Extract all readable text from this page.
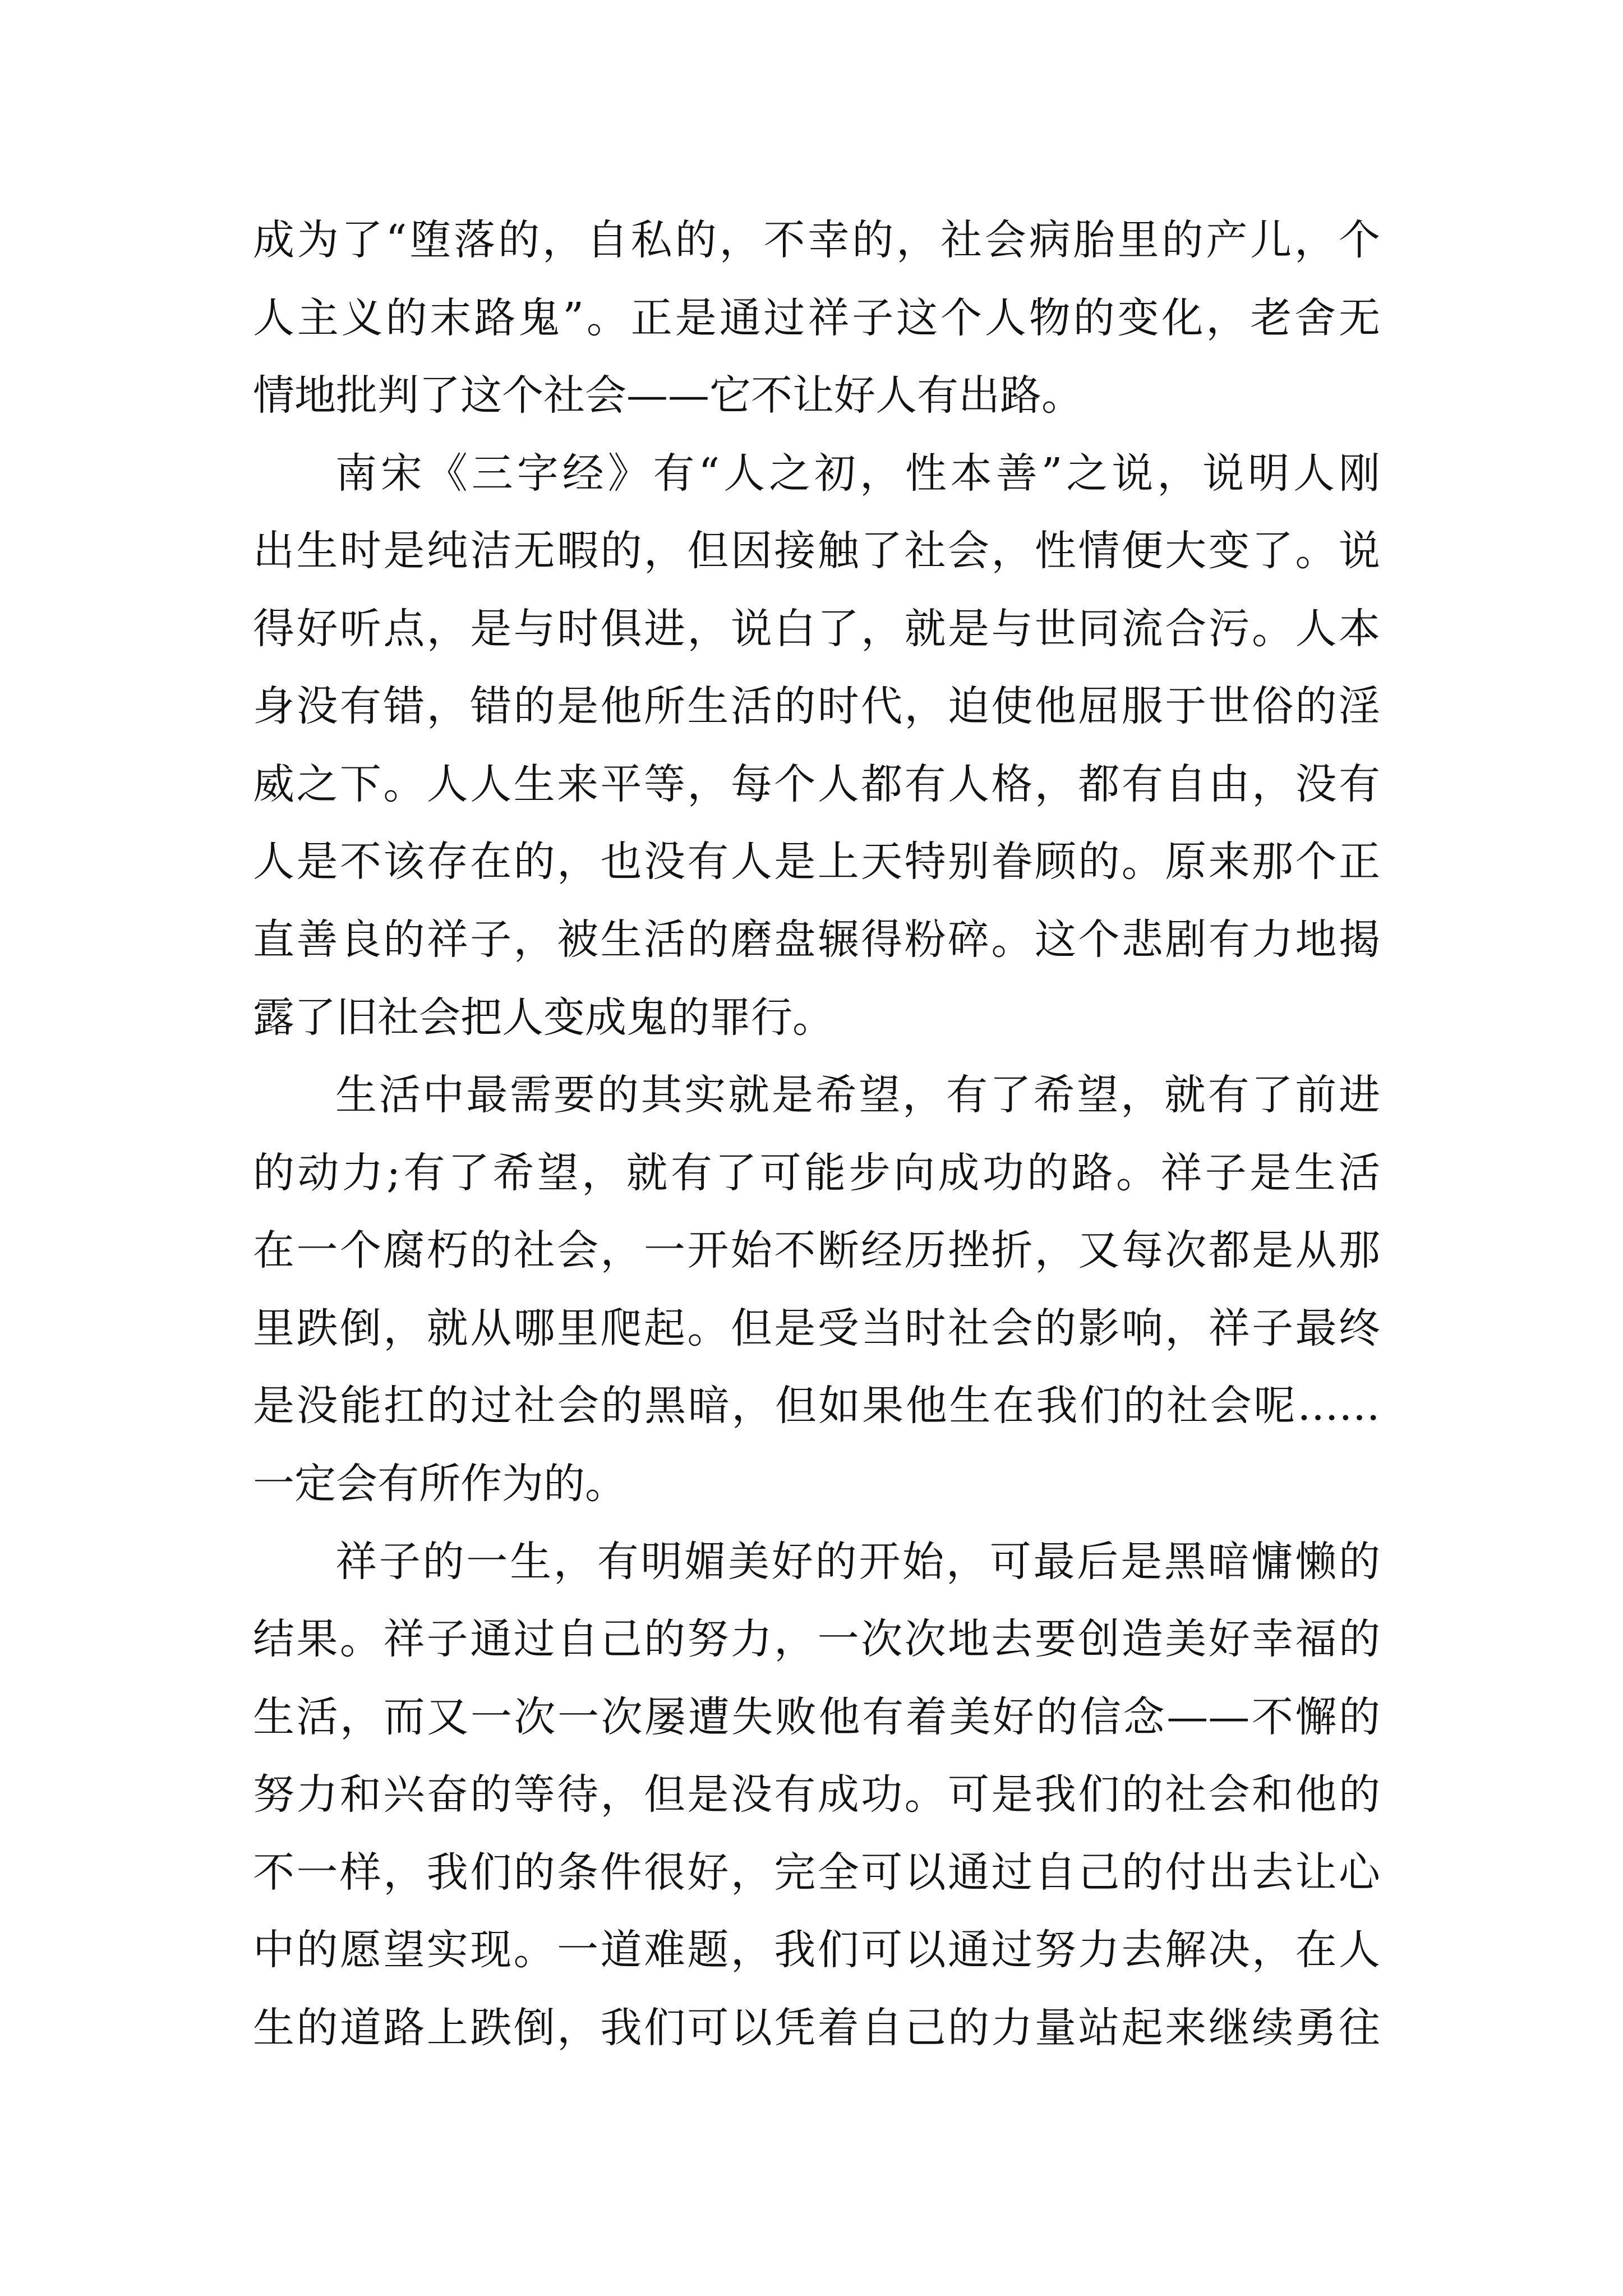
成为了“堕落的，自私的，不幸的，社会病胎里的产儿，个
人主义的末路鬼”。正是通过祥子这个人物的变化，老舍无
情地批判了这个社会——它不让好人有出路。
南宋《三字经》有“人之初，性本善”之说，说明人刚
出生时是纯洁无暇的，但因接触了社会，性情便大变了。说
得好听点，是与时俱进，说白了，就是与世同流合污。人本
身没有错，错的是他所生活的时代，迫使他屈服于世俗的淫
威之下。人人生来平等，每个人都有人格，都有自由，没有
人是不该存在的，也没有人是上天特别眷顾的。原来那个正
直善良的祥子，被生活的磨盘辗得粉碎。这个悲剧有力地揭
露了旧社会把人变成鬼的罪行。
生活中最需要的其实就是希望，有了希望，就有了前进
的动力;有了希望，就有了可能步向成功的路。祥子是生活
在一个腐朽的社会，一开始不断经历挫折，又每次都是从那
里跌倒，就从哪里爬起。但是受当时社会的影响，祥子最终
是没能扛的过社会的黑暗，但如果他生在我们的社会呢……
一定会有所作为的。
祥子的一生，有明媚美好的开始，可最后是黑暗慵懒的
结果。祥子通过自己的努力，一次次地去要创造美好幸福的
生活，而又一次一次屡遭失败他有着美好的信念——不懈的
努力和兴奋的等待，但是没有成功。可是我们的社会和他的
不一样，我们的条件很好，完全可以通过自己的付出去让心
中的愿望实现。一道难题，我们可以通过努力去解决，在人
生的道路上跌倒，我们可以凭着自己的力量站起来继续勇往
